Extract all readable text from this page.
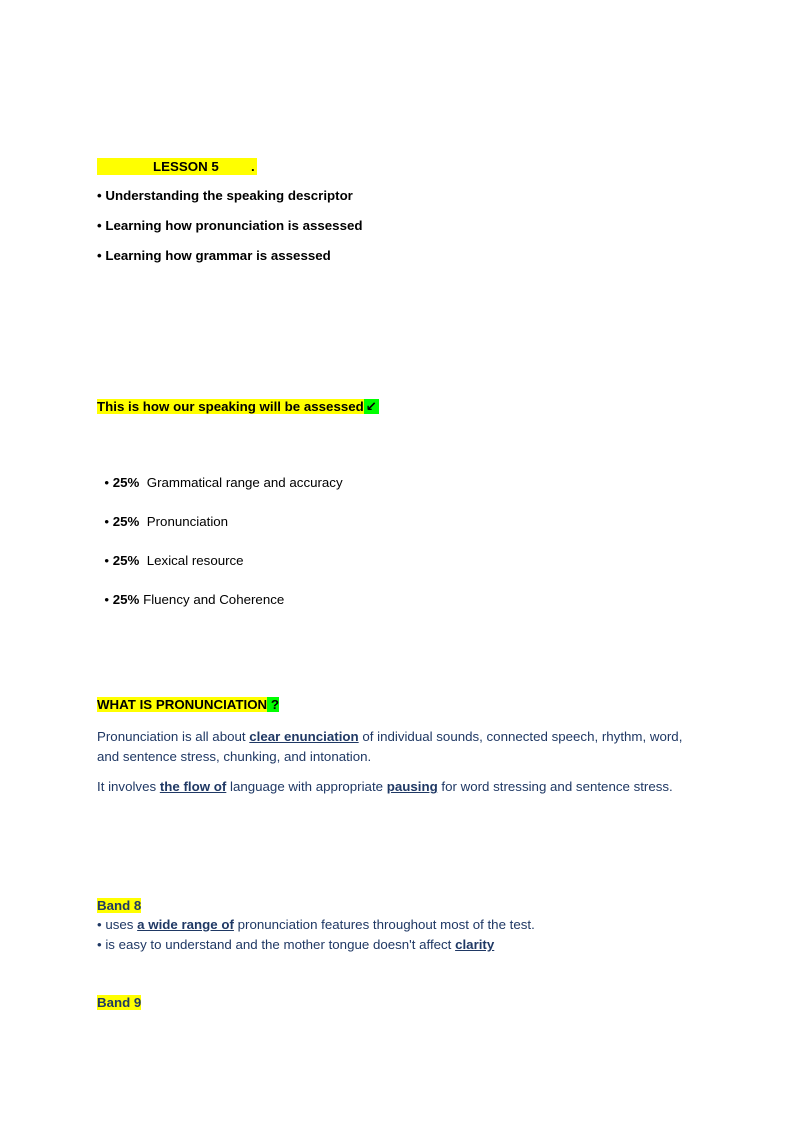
LESSON 5 .
• Understanding the speaking descriptor
• Learning how pronunciation is assessed
• Learning how grammar is assessed
This is how our speaking will be assessed ↙

• 25%  Grammatical range and accuracy

• 25%  Pronunciation

• 25%  Lexical resource

• 25% Fluency and Coherence

WHAT IS PRONUNCIATION ?
Pronunciation is all about clear enunciation of individual sounds, connected speech, rhythm, word, and sentence stress, chunking, and intonation.
It involves the flow of language with appropriate pausing for word stressing and sentence stress.
Band 8
• uses a wide range of pronunciation features throughout most of the test.
• is easy to understand and the mother tongue doesn't affect clarity
Band 9
